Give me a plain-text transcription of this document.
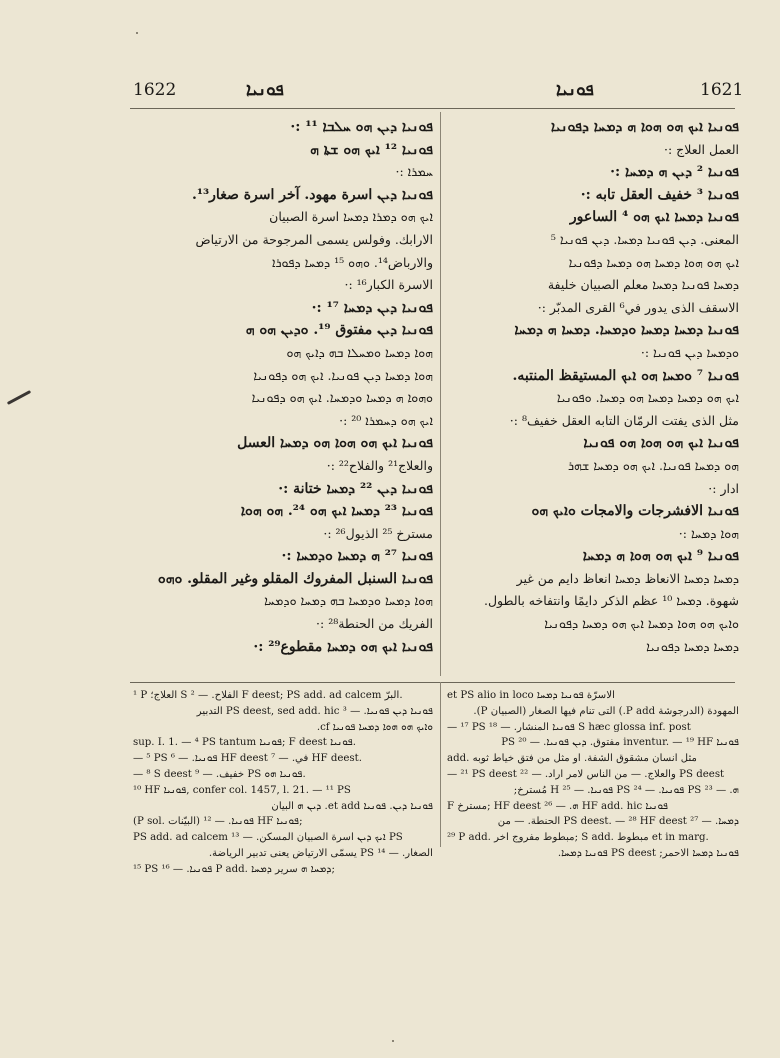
1622	ܦܘܢܝܐ	ܦܘܢܝܐ	1621
ܦܘܢܝܐ ܕܝܢ ܗܘ ܚܠܒܐ ¹¹ :·
ܦܘܢܝܐ ¹² ܐܝܟ ܗܘ ܫܬܐ ܗ
ܚܡܪܐ :·
ܦܘܢܝܐ ܕܝܢ اسرة مهود. آخر اسرة صغار¹³.
ܐܝܟ ܗܘ ܕܡܪܐ ܕܡܚܐ اسرة الصبيان
الارابك. وفولس يسمى المرجوحة من الارتياض
والارباض¹⁴. ܘܗܘ ¹⁵ ܕܡܚܐ ܕܦܘܪܐ
الاسرة الكبار¹⁶ :·
ܦܘܢܝܐ ܕܝܢ ܕܡܚܐ ¹⁷ :·
ܦܘܢܝܐ ܕܝܢ مفتوق ¹⁹. ܘܕܝܢ ܗܘ ܗ
ܗܘܐ ܕܡܚܐ ܘܡܚܠܐ ܒܗ ܕܐܝܟ ܗܘ
ܗܘܐ ܕܡܚܐ ܕܝܢ ܦܘܢܝܐ. ܐܝܟ ܗܘ ܕܦܘܢܝܐ
ܘܗܘܐ ܗ ܕܡܚܐ ܘܕܡܚܐ. ܐܝܟ ܗܘ ܕܦܘܢܝܐ
ܐܝܟ ܗܘ ܕܚܡܪܐ ²⁰ :·
ܦܘܢܝܐ ܐܝܟ ܗܘ ܗܘܐ ܗܘ ܕܡܚܐ العسل
والعلاج²¹ والفلاح²² :·
ܦܘܢܝܐ ܕܝܢ ²² ܕܡܚܐ ختانة :·
ܦܘܢܝܐ ²³ ܕܡܚܐ ܐܝܟ ܗܘ ²⁴. ܗܘ ܗܘܐ
مسترخ ²⁵ الذيول²⁶ :·
ܦܘܢܝܐ ²⁷ ܗ ܕܡܚܐ ܘܕܡܚܐ :·
ܦܘܢܝܐ السنبل المفروك المقلو وغير المقلو. ܘܗܘ
ܗܘܐ ܕܡܚܐ ܘܕܡܚܐ ܒܗ ܕܡܚܐ ܘܕܡܚܐ
الفريك من الحنطة²⁸ :·
ܦܘܢܝܐ ܐܝܟ ܗܘ ܕܡܚܐ مقطوع²⁹ :·
ܦܘܢܝܐ ܐܝܟ ܗܘ ܗܘܐ ܗ ܕܡܚܐ ܕܦܘܢܝܐ
العمل العلاج :·
ܦܘܢܝܐ ² ܕܝܢ ܗ ܕܡܚܐ :·
ܦܘܢܝܐ ³ خفيف العقل تابه :·
ܦܘܢܝܐ ܕܡܚܐ ܐܝܟ ܗܘ ⁴ الساعور
المعنى. ܕܝܢ ܦܘܢܝܐ ܕܡܚܐ. ܕܝܢ ܦܘܢܝܐ ⁵
ܐܝܟ ܗܘ ܗܘܐ ܕܡܚܐ ܗܘ ܕܡܚܐ ܕܦܘܢܝܐ
ܕܡܚܐ ܦܘܢܝܐ ܕܡܚܐ معلم الصبيان خليفة
الاسقف الذى يدور في⁶ القرى المدبّر :·
ܦܘܢܝܐ ܕܡܚܐ ܕܡܚܐ ܘܕܡܚܐ. ܕܡܚܐ ܗ ܕܡܚܐ
ܘܕܡܚܐ ܕܝܢ ܦܘܢܝܐ :·
ܦܘܢܝܐ ⁷ ܘܡܚܐ ܗܘ ܐܝܟ المستيقظ المنتبه.
ܐܝܟ ܗܘ ܕܡܚܐ ܕܡܚܐ ܗܘ ܕܡܚܐ. ܘܦܘܢܝܐ
مثل الذى يفتت الرمّان التابه العقل خفيف⁸ :·
ܦܘܢܝܐ ܐܝܟ ܗܘ ܗܘܐ ܗܘ ܦܘܢܝܐ
ܗܘ ܕܡܚܐ ܦܘܢܝܐ. ܐܝܟ ܗܘ ܕܡܚܐ ܫܗܪ
ادار :·
ܦܘܢܝܐ الافشرجات والامجات ܘܐܝܟ ܗܘ
ܗܘܐ ܕܡܚܐ :·
ܦܘܢܝܐ ⁹ ܐܝܟ ܗܘ ܗܘܐ ܗ ܕܡܚܐ
ܕܡܚܐ ܕܡܚܐ الانعاظ ܕܡܚܐ انعاظ دايم من غير
شهوة. ܕܡܚܐ ¹⁰ عظم الذكر دايمًا وانتفاخه بالطول.
ܘܐܝܟ ܗܘ ܗܘܐ ܕܡܚܐ ܐܝܟ ܗܘ ܕܡܚܐ ܕܦܘܢܝܐ
ܕܡܚܐ ܕܡܚܐ ܕܦܘܢܝܐ
¹ P العلاج؛ S الفلاح. — ² F deest; PS add. ad calcem البرّ.
ܦܘܢܝܐ ܕܝܢ ܦܘܢܝܐ. — ³ PS deest, sed add. hic التدبير
ܘܐܝܟ ܗܘ ܗܘܐ ܕܡܚܐ ܦܘܢܝܐ cf.
sup. I. 1. — ⁴ PS tantum ܦܘܢܝܐ; F deest ܦܘܢܝܐ.
— ⁵ PS ܦܘܢܝܐ. — ⁶ HF deest في. — ⁷ HF deest.
— ⁸ S deest خفيف. — ⁹ PS ܦܘܢܝܐ ܗܘ.
¹⁰ HF ܦܘܢܝܐ, confer col. 1457, l. 21. — ¹¹ PS
ܦܘܢܝܐ ܕܝܢ. ܦܘܢܝܐ et add. ܕܝܢ ܗ البيان
(P sol. البيّنات) ܦܘܢܝܐ. — ¹² HF ܦܘܢܝܐ;
PS add. ad calcem ܐܝܟ ܕܝܢ اسرة الصبيان المسكن. — ¹³ PS
الصغار. — ¹⁴ PS يسمّى الارتياض يعنى تدبير الرياضة.
¹⁵ PS ܦܘܢܝܐ. — ¹⁶ P add. ܕܡܚܐ ܗ سرير ܕܡܚܐ;
et PS alio in loco الاسرّة ܦܘܢܝܐ ܕܡܚܐ
المهودة (الدرجوشة P add.) التى تنام فيها الصغار (الصبيان P).
— ¹⁷ PS ܦܘܢܝܐ المنشار. — ¹⁸ S hæc glossa inf. post
ܦܘܢܝܐ inventur. — ¹⁹ HF مفتوق. ܕܝܢ ܦܘܢܝܐ. — ²⁰ PS
add. مثل انسان مشقوق الشفة. او مثل من فتق خياط ثوبه
— ²¹ PS deest والعلاج. — من الناس لامر اراد. — ²² PS deest
ܗ. — ²³ PS ܦܘܢܝܐ. — ²⁴ PS ܦܘܢܝܐ. — ²⁵ H مُسترخ;
F مسترخ; HF deest ܗ. — ²⁶ HF add. hic ܦܘܢܝܐ
ܕܡܚܐ. — ²⁷ PS deest. — ²⁸ HF deest الحنطة. — من
²⁹ P add. مبطوط مفروج اخر; S add. مبطوط et in marg.
ܦܘܢܝܐ ܕܡܚܐ الاحمر; PS deest ܦܘܢܝܐ ܕܡܚܐ.
